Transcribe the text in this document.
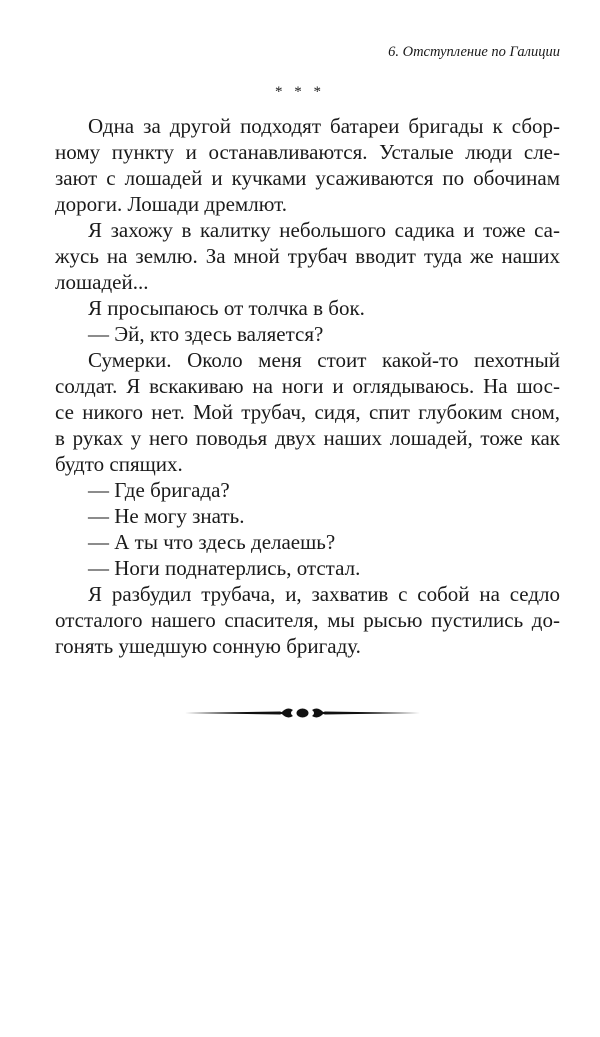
6. Отступление по Галиции
* * *
Одна за другой подходят батареи бригады к сбор-
ному пункту и останавливаются. Усталые люди сле-
зают с лошадей и кучками усаживаются по обочинам
дороги. Лошади дремлют.
Я захожу в калитку небольшого садика и тоже са-
жусь на землю. За мной трубач вводит туда же наших
лошадей...
Я просыпаюсь от толчка в бок.
— Эй, кто здесь валяется?
Сумерки. Около меня стоит какой-то пехотный
солдат. Я вскакиваю на ноги и оглядываюсь. На шос-
се никого нет. Мой трубач, сидя, спит глубоким сном,
в руках у него поводья двух наших лошадей, тоже как
будто спящих.
— Где бригада?
— Не могу знать.
— А ты что здесь делаешь?
— Ноги поднатерлись, отстал.
Я разбудил трубача, и, захватив с собой на седло
отсталого нашего спасителя, мы рысью пустились до-
гонять ушедшую сонную бригаду.
